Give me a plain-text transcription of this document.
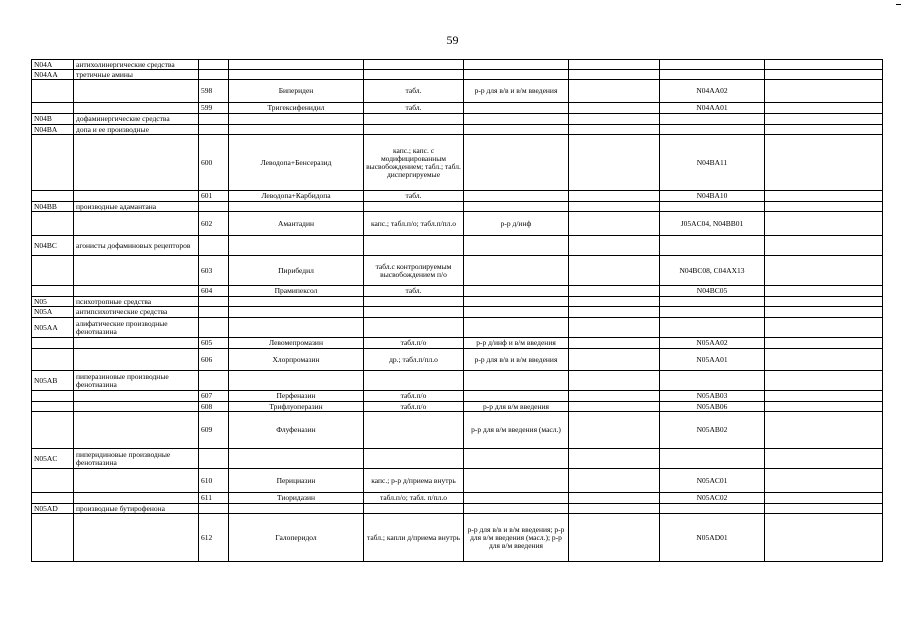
59
N04A	антихолинергические средства							
N04AA	третичные амины							
		598	Бипериден	табл.	р-р для в/в и в/м введения		N04AA02	
		599	Тригексифенидил	табл.			N04AA01	
N04B	дофаминергические средства							
N04BA	допа и ее производные							
		600	Леводопа+Бенсеразид	капс.; капс. с модифицированным высвобождением; табл.; табл. диспергируемые			N04BA11	
		601	Леводопа+Карбидопа	табл.			N04BA10	
N04BB	производные адамантана							
		602	Амантадин	капс.; табл.п/о; табл.п/пл.о	р-р д/инф		J05AC04, N04BB01	
N04BC	агонисты дофаминовых рецепторов							
		603	Пирибедил	табл.с контролируемым высвобождением п/о			N04BC08, C04AX13	
		604	Прамипексол	табл.			N04BC05	
N05	психотропные средства							
N05A	антипсихотические средства							
N05AA	алифатические производные фенотиазина							
		605	Левомепромазин	табл.п/о	р-р д/инф и в/м введения		N05AA02	
		606	Хлорпромазин	др.; табл.п/пл.о	р-р для в/в и в/м введения		N05AA01	
N05AB	пиперазиновые производные фенотиазина							
		607	Перфеназин	табл.п/о			N05AB03	
		608	Трифлуоперазин	табл.п/о	р-р для в/м введения		N05AB06	
		609	Флуфеназин		р-р для в/м введения (масл.)		N05AB02	
N05AC	пиперидиновые производные фенотиазина							
		610	Перициазин	капс.; р-р д/приема внутрь			N05AC01	
		611	Тиоридазин	табл.п/о; табл. п/пл.о			N05AC02	
N05AD	производные бутирофенона							
		612	Галоперидол	табл.; капли д/приема внутрь	р-р для в/в и в/м введения; р-р для в/м введения (масл.); р-р для в/м введения		N05AD01	
